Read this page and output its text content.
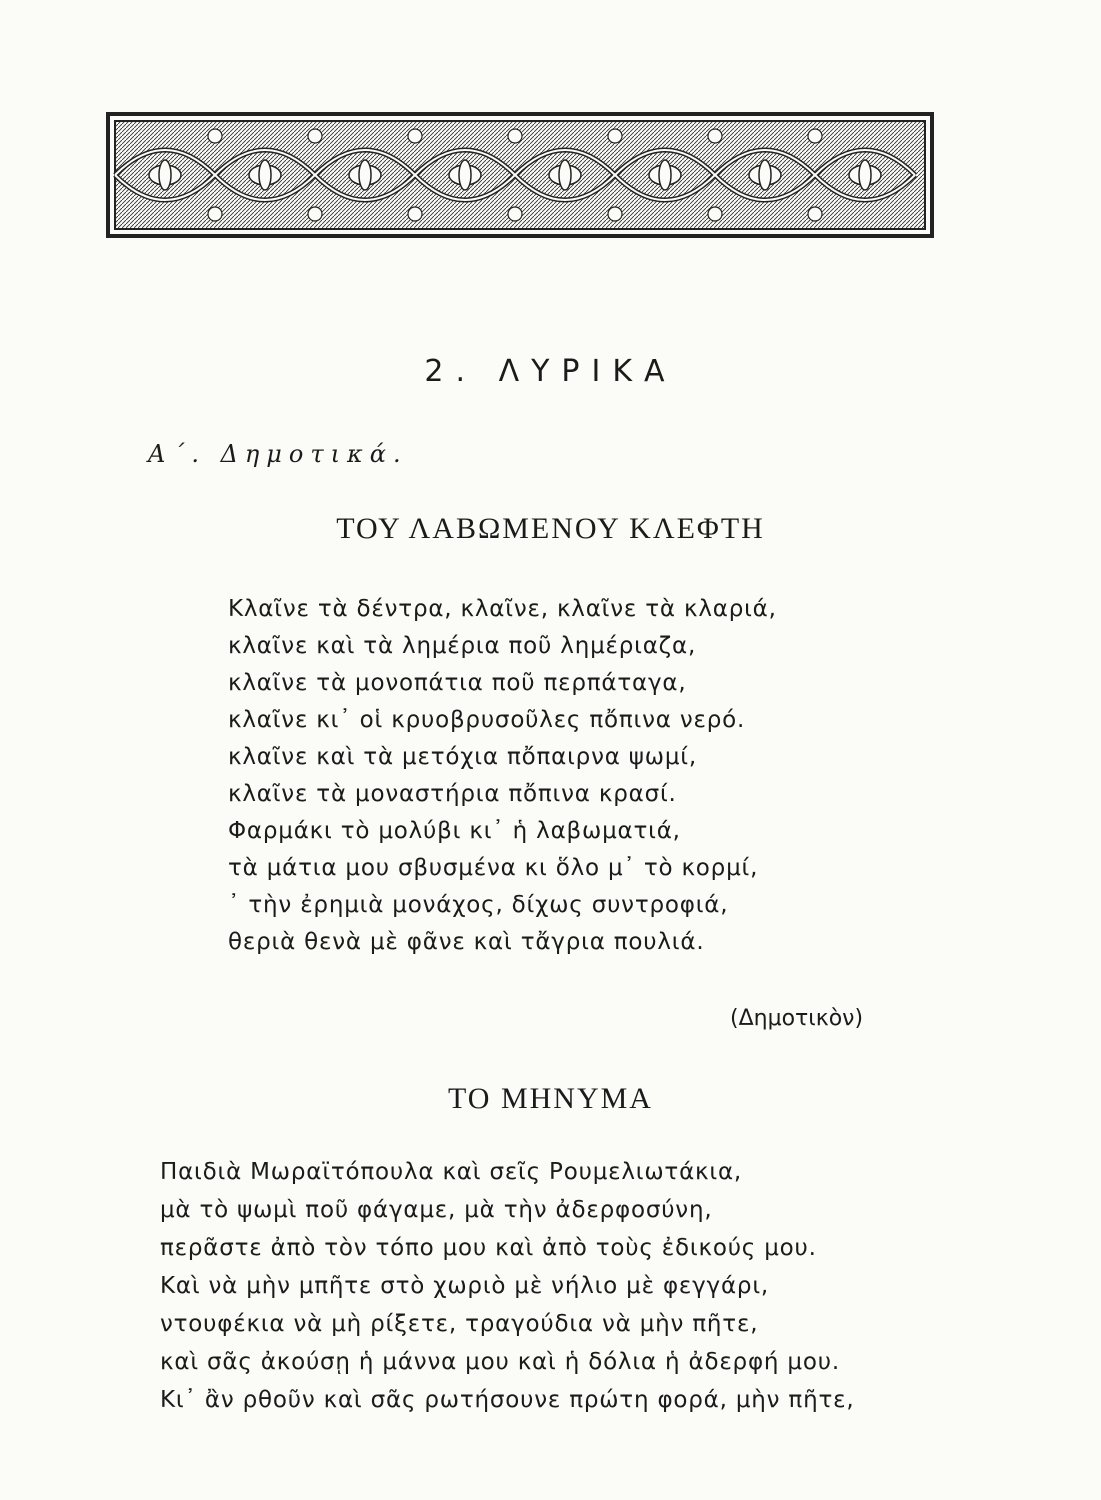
2. ΛΥΡΙΚΑ
Α΄. Δημοτικά.
ΤΟΥ ΛΑΒΩΜΕΝΟΥ ΚΛΕΦΤΗ
Κλαῖνε τὰ δέντρα, κλαῖνε, κλαῖνε τὰ κλαριά,
κλαῖνε καὶ τὰ λημέρια ποῦ λημέριαζα,
κλαῖνε τὰ μονοπάτια ποῦ περπάταγα,
κλαῖνε κι᾿ οἱ κρυοβρυσοῦλες πὄπινα νερό.
κλαῖνε καὶ τὰ μετόχια πὄπαιρνα ψωμί,
κλαῖνε τὰ μοναστήρια πὄπινα κρασί.
Φαρμάκι τὸ μολύβι κι᾿ ἡ λαβωματιά,
τὰ μάτια μου σβυσμένα κι ὅλο μ᾿ τὸ κορμί,
᾿ τὴν ἐρημιὰ μονάχος, δίχως συντροφιά,
θεριὰ θενὰ μὲ φᾶνε καὶ τἄγρια πουλιά.
(Δημοτικὸν)
ΤΟ ΜΗΝΥΜΑ
Παιδιὰ Μωραϊτόπουλα καὶ σεῖς Ρουμελιωτάκια,
μὰ τὸ ψωμὶ ποῦ φάγαμε, μὰ τὴν ἀδερφοσύνη,
περᾶστε ἀπὸ τὸν τόπο μου καὶ ἀπὸ τοὺς ἐδικούς μου.
Καὶ νὰ μὴν μπῆτε στὸ χωριὸ μὲ νήλιο μὲ φεγγάρι,
ντουφέκια νὰ μὴ ρίξετε, τραγούδια νὰ μὴν πῆτε,
καὶ σᾶς ἀκούσῃ ἡ μάννα μου καὶ ἡ δόλια ἡ ἀδερφή μου.
Κι᾿ ἂν ρθοῦν καὶ σᾶς ρωτήσουνε πρώτη φορά, μὴν πῆτε,
